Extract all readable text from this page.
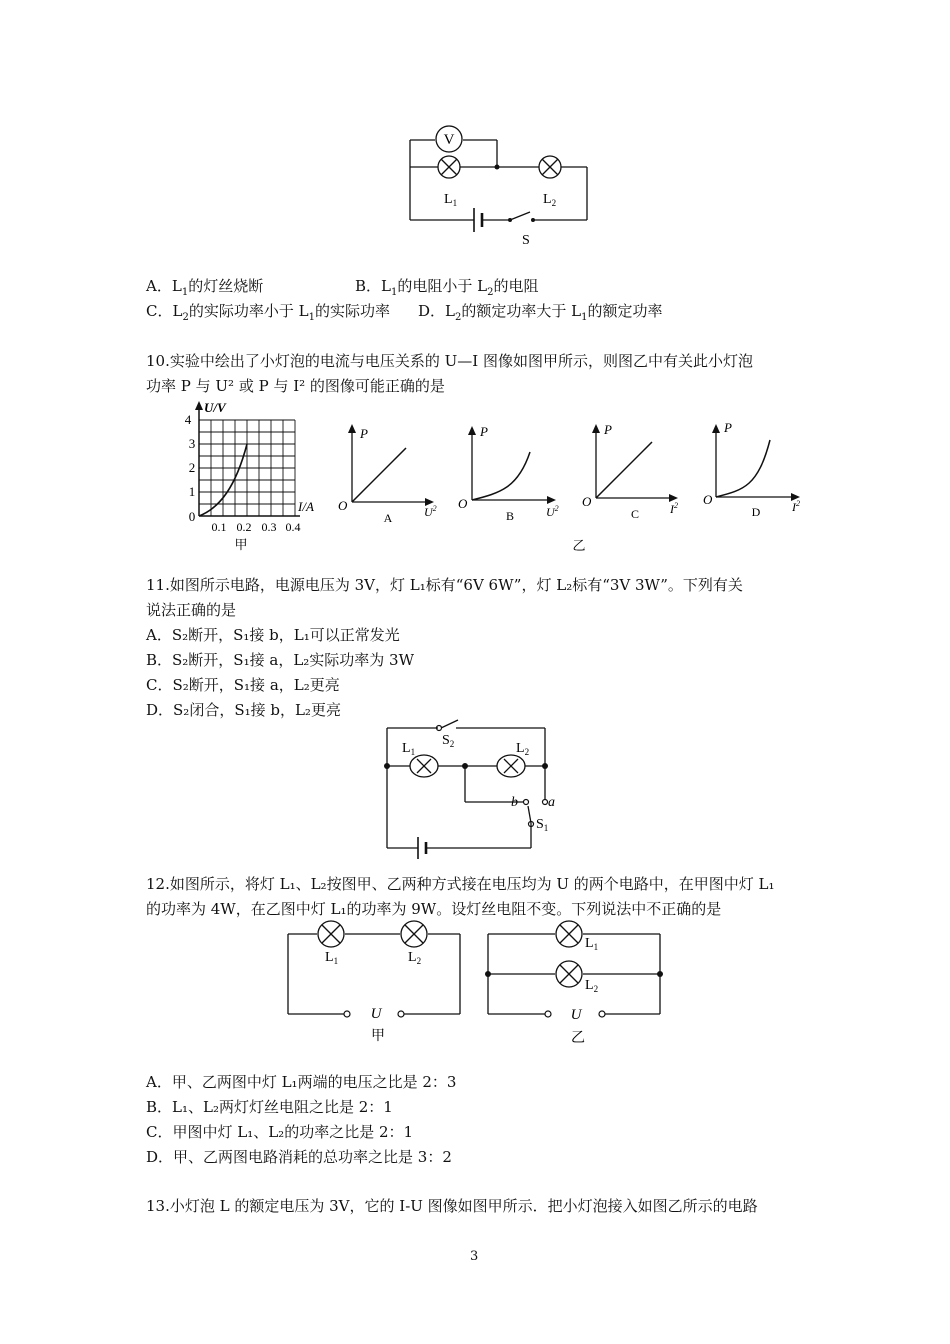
V
$L_1$	$L_2$
S
A．$L_1$的灯丝烧断	B．$L_1$的电阻小于 $L_2$的电阻
C．$L_2$的实际功率小于 $L_1$的实际功率 D．$L_2$的额定功率大于 $L_1$的额定功率
10.实验中绘出了小灯泡的电流与电压关系的 U—I 图像如图甲所示，则图乙中有关此小灯泡
功率 P 与 U² 或 P 与 I² 的图像可能正确的是
U/V
I/A
4
3
2
1
0
0.1 0.2 0.3 0.4
甲
P
O
A	$U^2$
P
O
B	$U^2$
P
O
C	$I^2$
P
O
D	$I^2$
乙
11.如图所示电路，电源电压为 3V，灯 L₁标有“6V 6W”，灯 L₂标有“3V 3W”。下列有关
说法正确的是
A．S₂断开，S₁接 b，L₁可以正常发光
B．S₂断开，S₁接 a，L₂实际功率为 3W
C．S₂断开，S₁接 a，L₂更亮
D．S₂闭合，S₁接 b，L₂更亮
$S_2$
$L_1$	$L_2$
b a
$S_1$
12.如图所示，将灯 L₁、L₂按图甲、乙两种方式接在电压均为 U 的两个电路中，在甲图中灯 L₁
的功率为 4W，在乙图中灯 L₁的功率为 9W。设灯丝电阻不变。下列说法中不正确的是
$L_1$	$L_2$
U
甲
$L_1$
$L_2$
U
乙
A．甲、乙两图中灯 L₁两端的电压之比是 2：3
B．L₁、L₂两灯灯丝电阻之比是 2：1
C．甲图中灯 L₁、L₂的功率之比是 2：1
D．甲、乙两图电路消耗的总功率之比是 3：2
13.小灯泡 L 的额定电压为 3V，它的 I-U 图像如图甲所示．把小灯泡接入如图乙所示的电路
3
